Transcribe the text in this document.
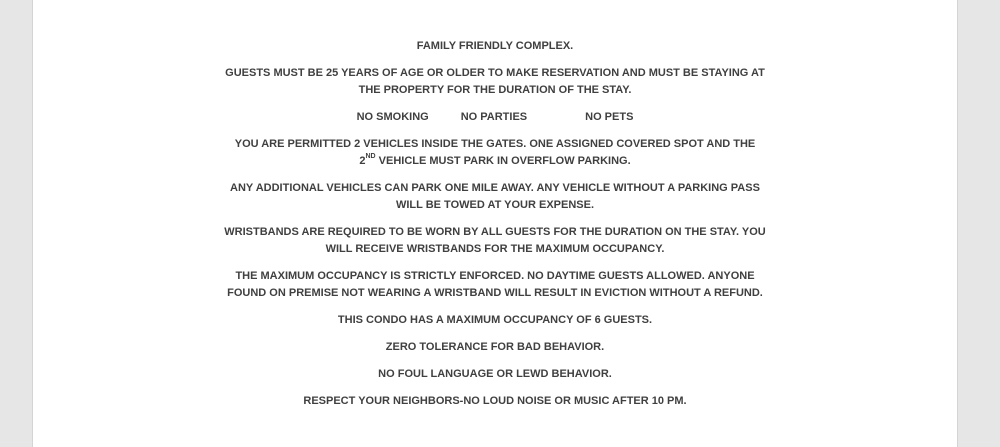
FAMILY FRIENDLY COMPLEX.

GUESTS MUST BE 25 YEARS OF AGE OR OLDER TO MAKE RESERVATION AND MUST BE STAYING AT
THE PROPERTY FOR THE DURATION OF THE STAY.

NO SMOKING	NO PARTIES	NO PETS

YOU ARE PERMITTED 2 VEHICLES INSIDE THE GATES. ONE ASSIGNED COVERED SPOT AND THE
2ND VEHICLE MUST PARK IN OVERFLOW PARKING.

ANY ADDITIONAL VEHICLES CAN PARK ONE MILE AWAY. ANY VEHICLE WITHOUT A PARKING PASS
WILL BE TOWED AT YOUR EXPENSE.

WRISTBANDS ARE REQUIRED TO BE WORN BY ALL GUESTS FOR THE DURATION ON THE STAY. YOU
WILL RECEIVE WRISTBANDS FOR THE MAXIMUM OCCUPANCY.

THE MAXIMUM OCCUPANCY IS STRICTLY ENFORCED. NO DAYTIME GUESTS ALLOWED. ANYONE
FOUND ON PREMISE NOT WEARING A WRISTBAND WILL RESULT IN EVICTION WITHOUT A REFUND.

THIS CONDO HAS A MAXIMUM OCCUPANCY OF 6 GUESTS.

ZERO TOLERANCE FOR BAD BEHAVIOR.

NO FOUL LANGUAGE OR LEWD BEHAVIOR.

RESPECT YOUR NEIGHBORS-NO LOUD NOISE OR MUSIC AFTER 10 PM.
